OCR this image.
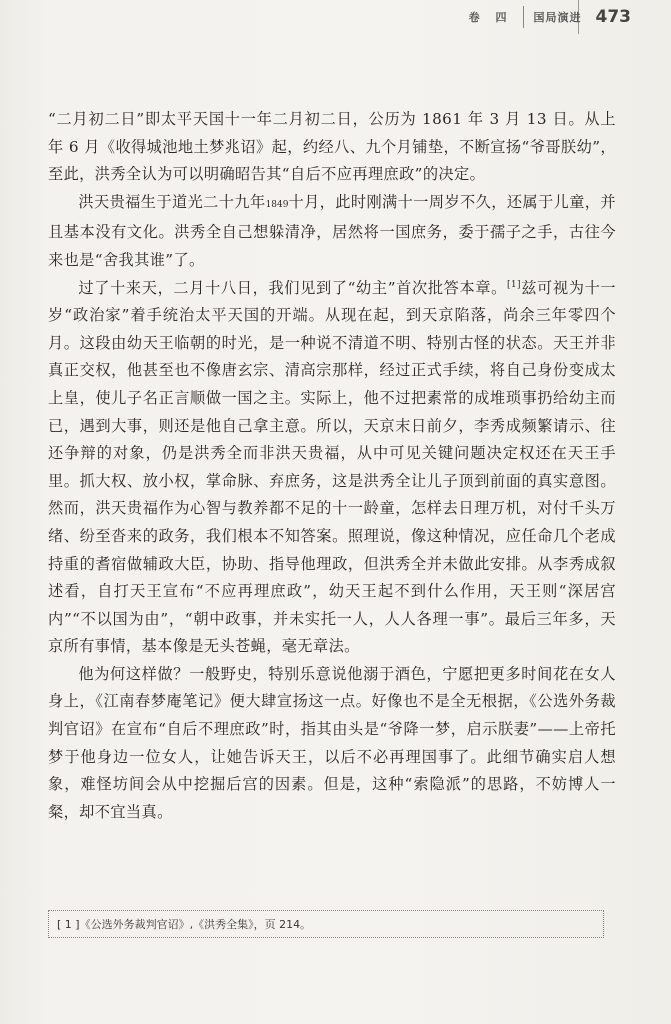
卷 四 国局演进 473

“二月初二日”即太平天国十一年二月初二日，公历为 1861 年 3 月 13 日。从上年 6 月《收得城池地土梦兆诏》起，约经八、九个月铺垫，不断宣扬“爷哥朕幼”，至此，洪秀全认为可以明确昭告其“自后不应再理庶政”的决定。

洪天贵福生于道光二十九年1849十月，此时刚满十一周岁不久，还属于儿童，并且基本没有文化。洪秀全自己想躲清净，居然将一国庶务，委于孺子之手，古往今来也是“舍我其谁”了。

过了十来天，二月十八日，我们见到了“幼主”首次批答本章。[1]兹可视为十一岁“政治家”着手统治太平天国的开端。从现在起，到天京陷落，尚余三年零四个月。这段由幼天王临朝的时光，是一种说不清道不明、特别古怪的状态。天王并非真正交权，他甚至也不像唐玄宗、清高宗那样，经过正式手续，将自己身份变成太上皇，使儿子名正言顺做一国之主。实际上，他不过把素常的成堆琐事扔给幼主而已，遇到大事，则还是他自己拿主意。所以，天京末日前夕，李秀成频繁请示、往还争辩的对象，仍是洪秀全而非洪天贵福，从中可见关键问题决定权还在天王手里。抓大权、放小权，掌命脉、弃庶务，这是洪秀全让儿子顶到前面的真实意图。然而，洪天贵福作为心智与教养都不足的十一龄童，怎样去日理万机，对付千头万绪、纷至沓来的政务，我们根本不知答案。照理说，像这种情况，应任命几个老成持重的耆宿做辅政大臣，协助、指导他理政，但洪秀全并未做此安排。从李秀成叙述看，自打天王宣布“不应再理庶政”，幼天王起不到什么作用，天王则“深居宫内”“不以国为由”，“朝中政事，并未实托一人，人人各理一事”。最后三年多，天京所有事情，基本像是无头苍蝇，毫无章法。

他为何这样做？一般野史，特别乐意说他溺于酒色，宁愿把更多时间花在女人身上，《江南春梦庵笔记》便大肆宣扬这一点。好像也不是全无根据，《公选外务裁判官诏》在宣布“自后不理庶政”时，指其由头是“爷降一梦，启示朕妻”——上帝托梦于他身边一位女人，让她告诉天王，以后不必再理国事了。此细节确实启人想象，难怪坊间会从中挖掘后宫的因素。但是，这种“索隐派”的思路，不妨博人一粲，却不宜当真。

[ 1 ]《公选外务裁判官诏》,《洪秀全集》，页 214。
